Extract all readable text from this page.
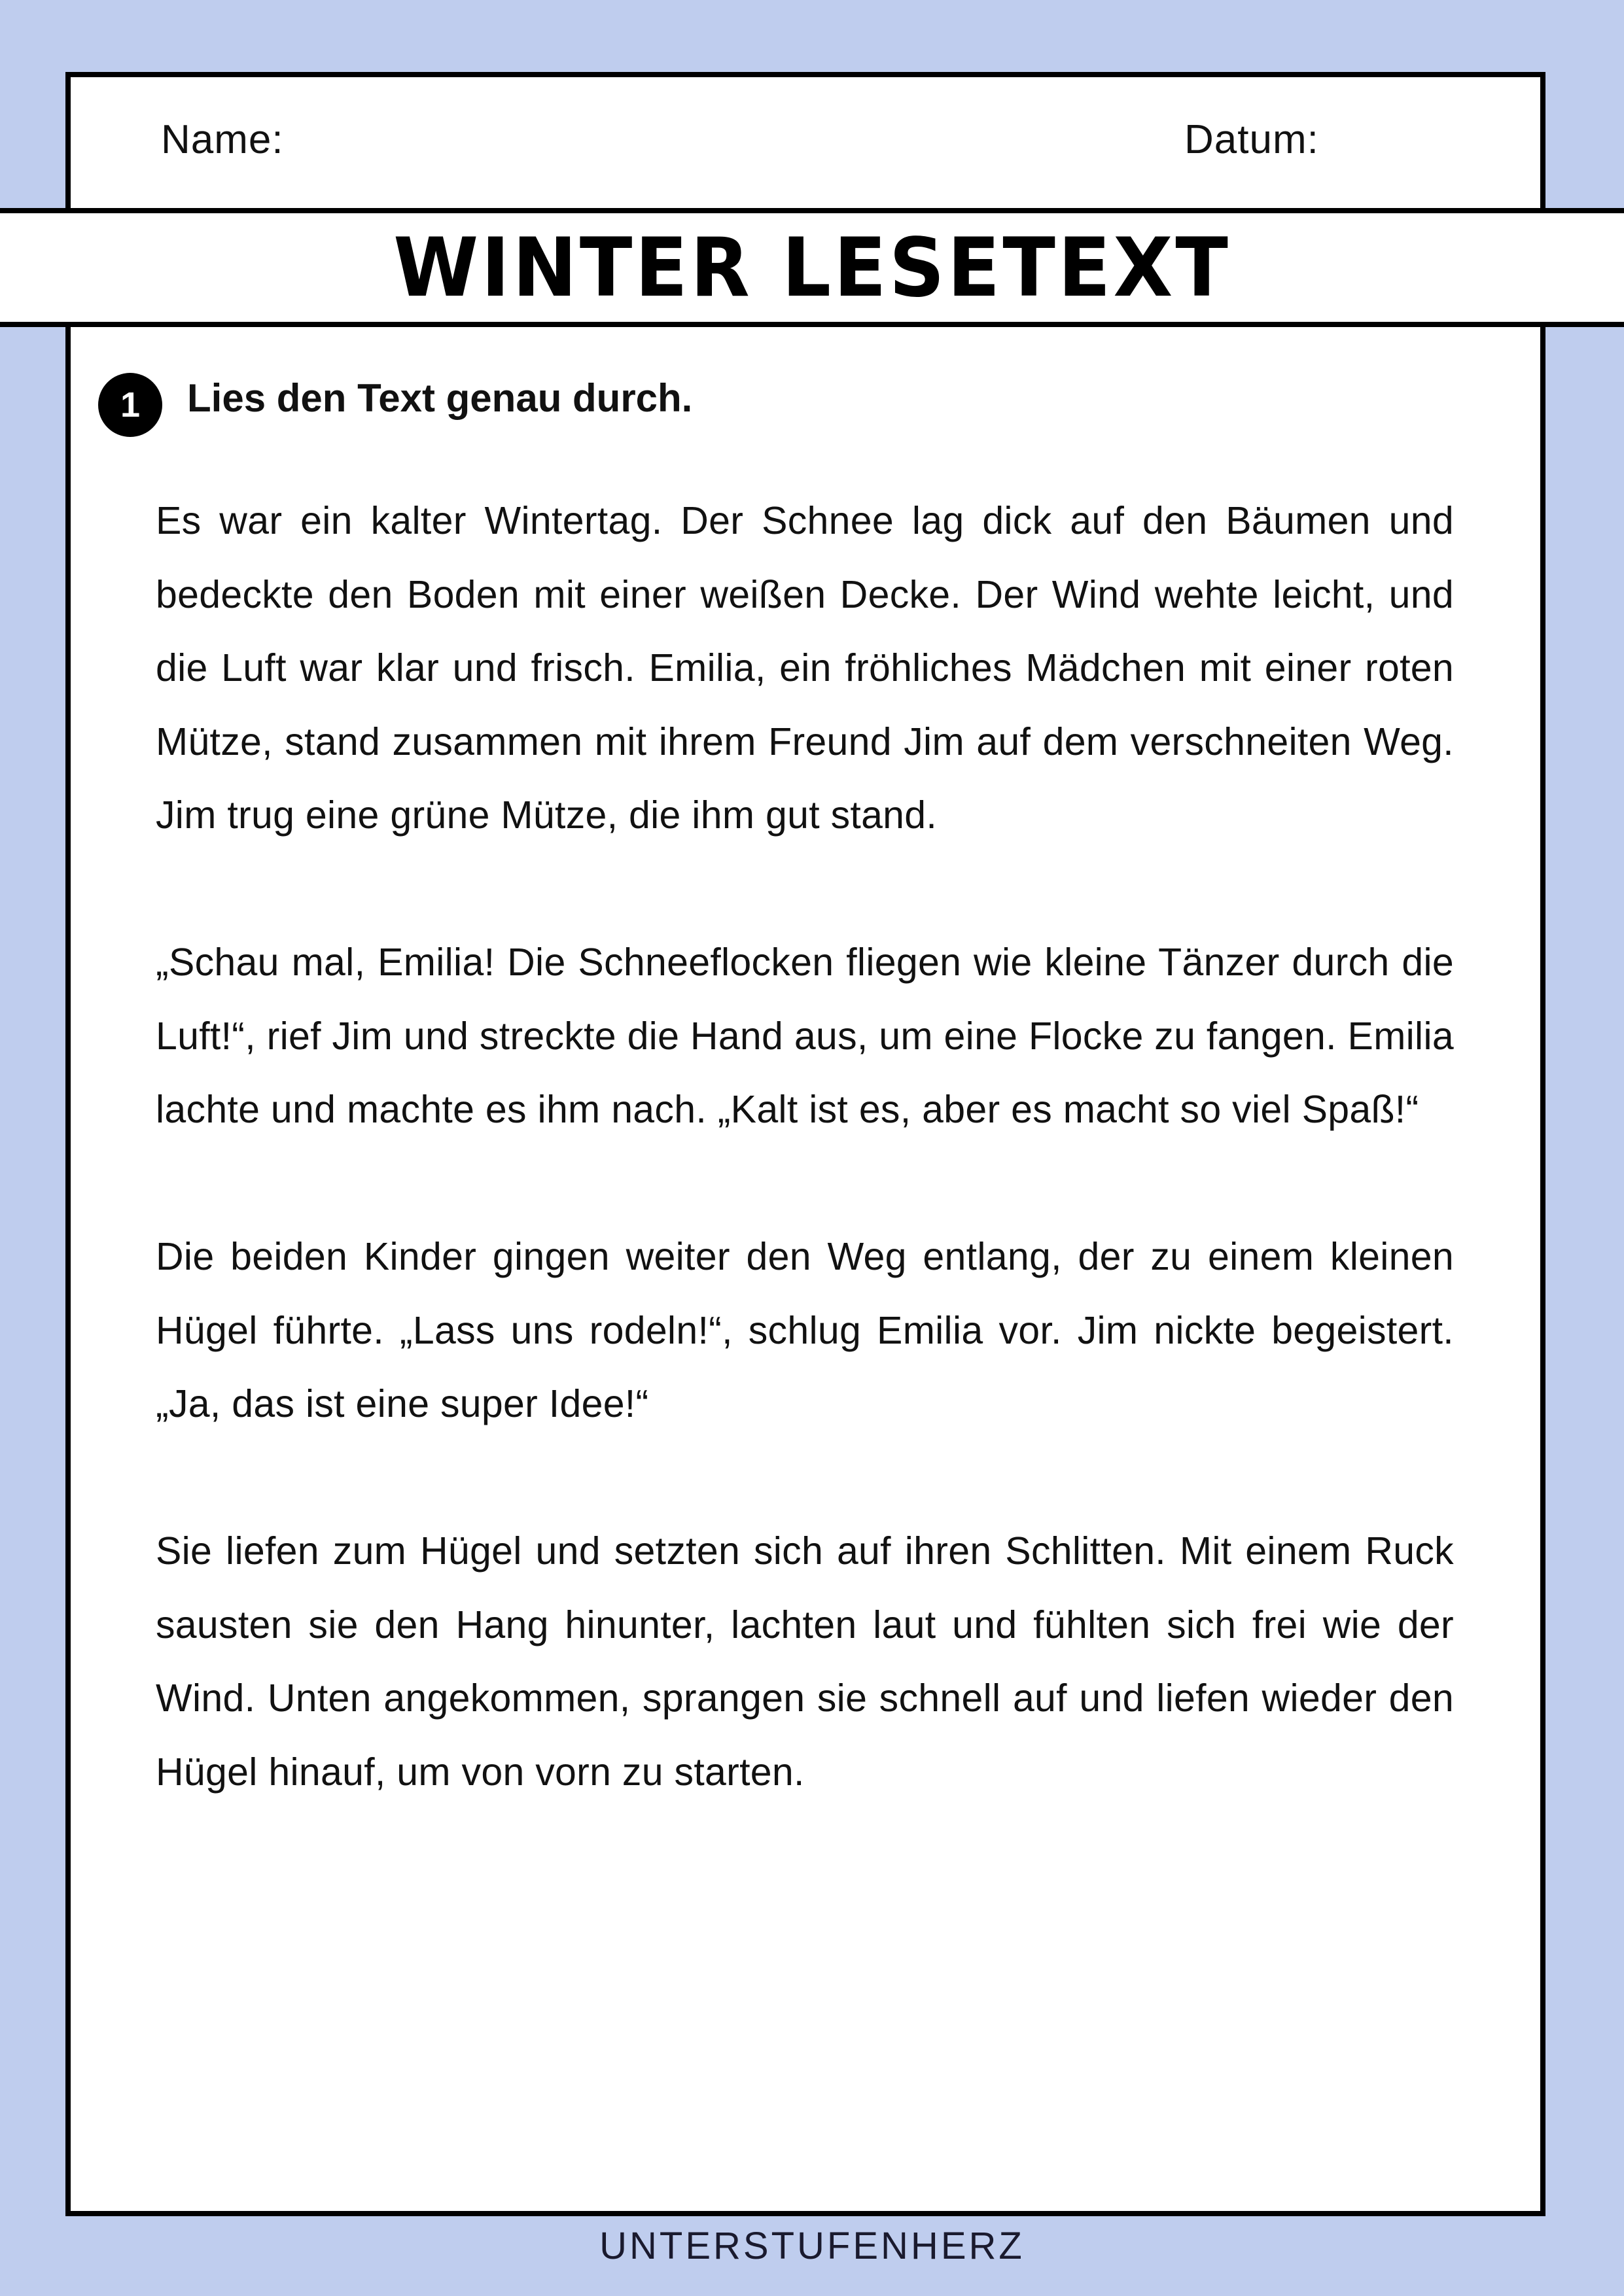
Name:	Datum:
WINTER LESETEXT
1	Lies den Text genau durch.

Es war ein kalter Wintertag. Der Schnee lag dick auf den Bäumen und bedeckte den Boden mit einer weißen Decke. Der Wind wehte leicht, und die Luft war klar und frisch. Emilia, ein fröhliches Mädchen mit einer roten Mütze, stand zusammen mit ihrem Freund Jim auf dem verschneiten Weg. Jim trug eine grüne Mütze, die ihm gut stand.

„Schau mal, Emilia! Die Schneeflocken fliegen wie kleine Tänzer durch die Luft!“, rief Jim und streckte die Hand aus, um eine Flocke zu fangen. Emilia lachte und machte es ihm nach. „Kalt ist es, aber es macht so viel Spaß!“

Die beiden Kinder gingen weiter den Weg entlang, der zu einem kleinen Hügel führte. „Lass uns rodeln!“, schlug Emilia vor. Jim nickte begeistert. „Ja, das ist eine super Idee!“

Sie liefen zum Hügel und setzten sich auf ihren Schlitten. Mit einem Ruck sausten sie den Hang hinunter, lachten laut und fühlten sich frei wie der Wind. Unten angekommen, sprangen sie schnell auf und liefen wieder den Hügel hinauf, um von vorn zu starten.

UNTERSTUFENHERZ
